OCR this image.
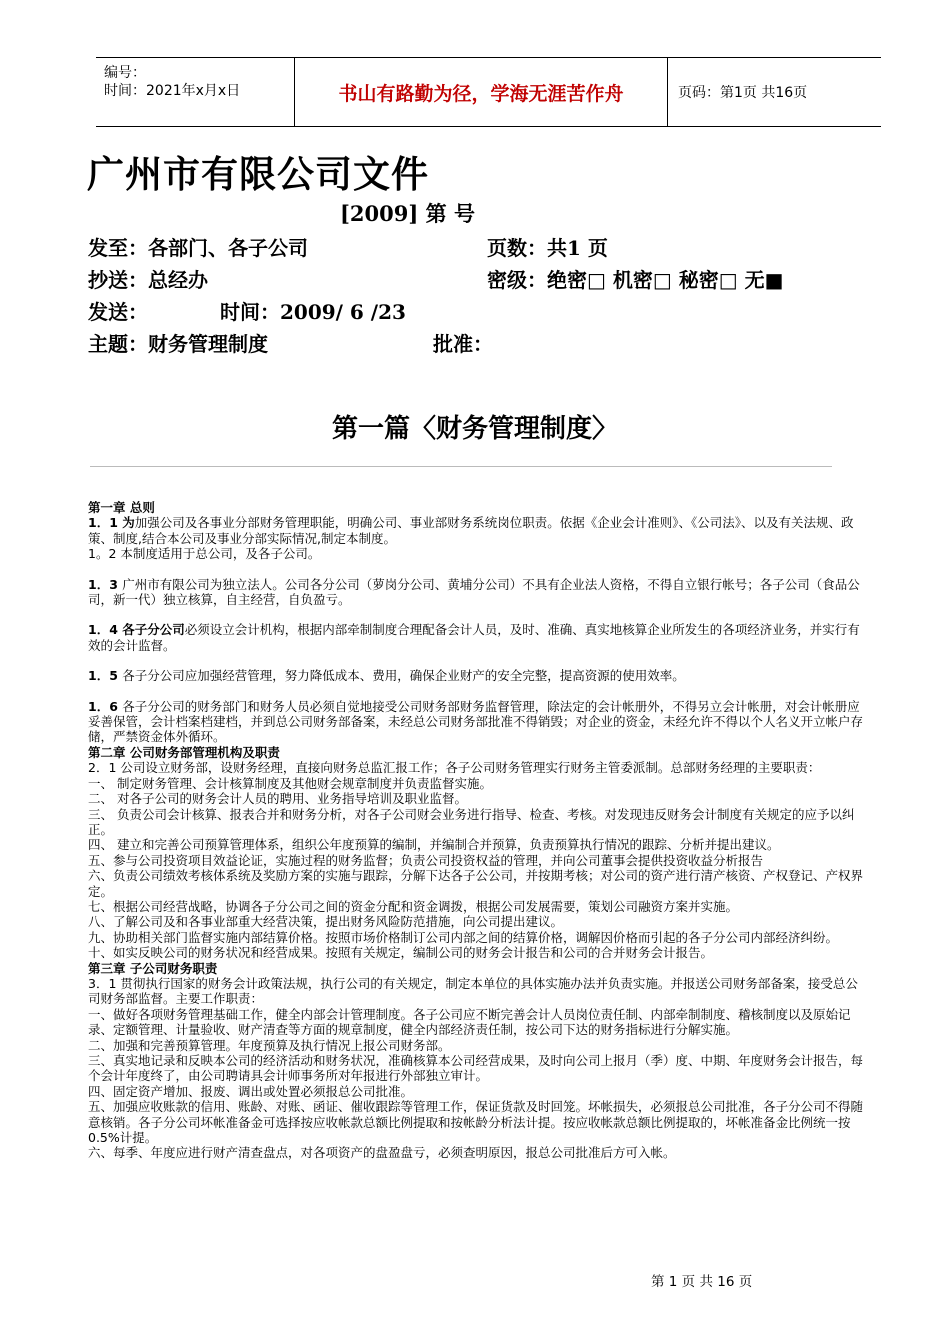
编号：
时间：2021年x月x日	书山有路勤为径，学海无涯苦作舟	页码：第1页 共16页
广州市有限公司文件
[2009] 第 号
发至：各部门、各子公司	页数：共1 页
抄送：总经办	密级：绝密□ 机密□ 秘密□ 无■
发送：	时间：2009/ 6 /23
主题：财务管理制度	批准：
第一篇〈财务管理制度〉

第一章 总则

1．1 为加强公司及各事业分部财务管理职能，明确公司、事业部财务系统岗位职责。依据《企业会计准则》、《公司法》、以及有关法规、政策、制度,结合本公司及事业分部实际情况,制定本制度。

1。2 本制度适用于总公司，及各子公司。

1．3 广州市有限公司为独立法人。公司各分公司（萝岗分公司、黄埔分公司）不具有企业法人资格，不得自立银行帐号；各子公司（食品公司，新一代）独立核算，自主经营，自负盈亏。

1．4 各子分公司必须设立会计机构，根据内部牵制制度合理配备会计人员，及时、准确、真实地核算企业所发生的各项经济业务，并实行有效的会计监督。

1．5 各子分公司应加强经营管理，努力降低成本、费用，确保企业财产的安全完整，提高资源的使用效率。

1．6 各子分公司的财务部门和财务人员必须自觉地接受公司财务部财务监督管理，除法定的会计帐册外，不得另立会计帐册，对会计帐册应妥善保管，会计档案档建档，并到总公司财务部备案，未经总公司财务部批准不得销毁；对企业的资金，未经允许不得以个人名义开立帐户存储，严禁资金体外循环。

第二章 公司财务部管理机构及职责

2．1 公司设立财务部，设财务经理，直接向财务总监汇报工作；各子公司财务管理实行财务主管委派制。总部财务经理的主要职责：

一、 制定财务管理、会计核算制度及其他财会规章制度并负责监督实施。

二、 对各子公司的财务会计人员的聘用、业务指导培训及职业监督。

三、 负责公司会计核算、报表合并和财务分析，对各子公司财会业务进行指导、检查、考核。对发现违反财务会计制度有关规定的应予以纠正。

四、 建立和完善公司预算管理体系，组织公年度预算的编制，并编制合并预算，负责预算执行情况的跟踪、分析并提出建议。

五、参与公司投资项目效益论证，实施过程的财务监督；负责公司投资权益的管理，并向公司董事会提供投资收益分析报告

六、负责公司绩效考核体系统及奖励方案的实施与跟踪，分解下达各子公公司，并按期考核；对公司的资产进行清产核资、产权登记、产权界定。

七、根据公司经营战略，协调各子分公司之间的资金分配和资金调拨，根据公司发展需要，策划公司融资方案并实施。

八、了解公司及和各事业部重大经营决策，提出财务风险防范措施，向公司提出建议。

九、协助相关部门监督实施内部结算价格。按照市场价格制订公司内部之间的结算价格，调解因价格而引起的各子分公司内部经济纠纷。

十、如实反映公司的财务状况和经营成果。按照有关规定，编制公司的财务会计报告和公司的合并财务会计报告。

第三章 子公司财务职责

3．1 贯彻执行国家的财务会计政策法规，执行公司的有关规定，制定本单位的具体实施办法并负责实施。并报送公司财务部备案，接受总公司财务部监督。主要工作职责：

一、做好各项财务管理基础工作，健全内部会计管理制度。各子公司应不断完善会计人员岗位责任制、内部牵制制度、稽核制度以及原始记录、定额管理、计量验收、财产清查等方面的规章制度，健全内部经济责任制，按公司下达的财务指标进行分解实施。

二、加强和完善预算管理。年度预算及执行情况上报公司财务部。

三、真实地记录和反映本公司的经济活动和财务状况，准确核算本公司经营成果，及时向公司上报月（季）度、中期、年度财务会计报告，每个会计年度终了，由公司聘请具会计师事务所对年报进行外部独立审计。

四、固定资产增加、报废、调出或处置必须报总公司批准。

五、加强应收账款的信用、账龄、对账、函证、催收跟踪等管理工作，保证货款及时回笼。坏帐损失，必须报总公司批准，各子分公司不得随意核销。各子分公司坏帐准备金可选择按应收帐款总额比例提取和按帐龄分析法计提。按应收帐款总额比例提取的，坏帐准备金比例统一按0.5%计提。

六、每季、年度应进行财产清查盘点，对各项资产的盘盈盘亏，必须查明原因，报总公司批准后方可入帐。

第 1 页 共 16 页
